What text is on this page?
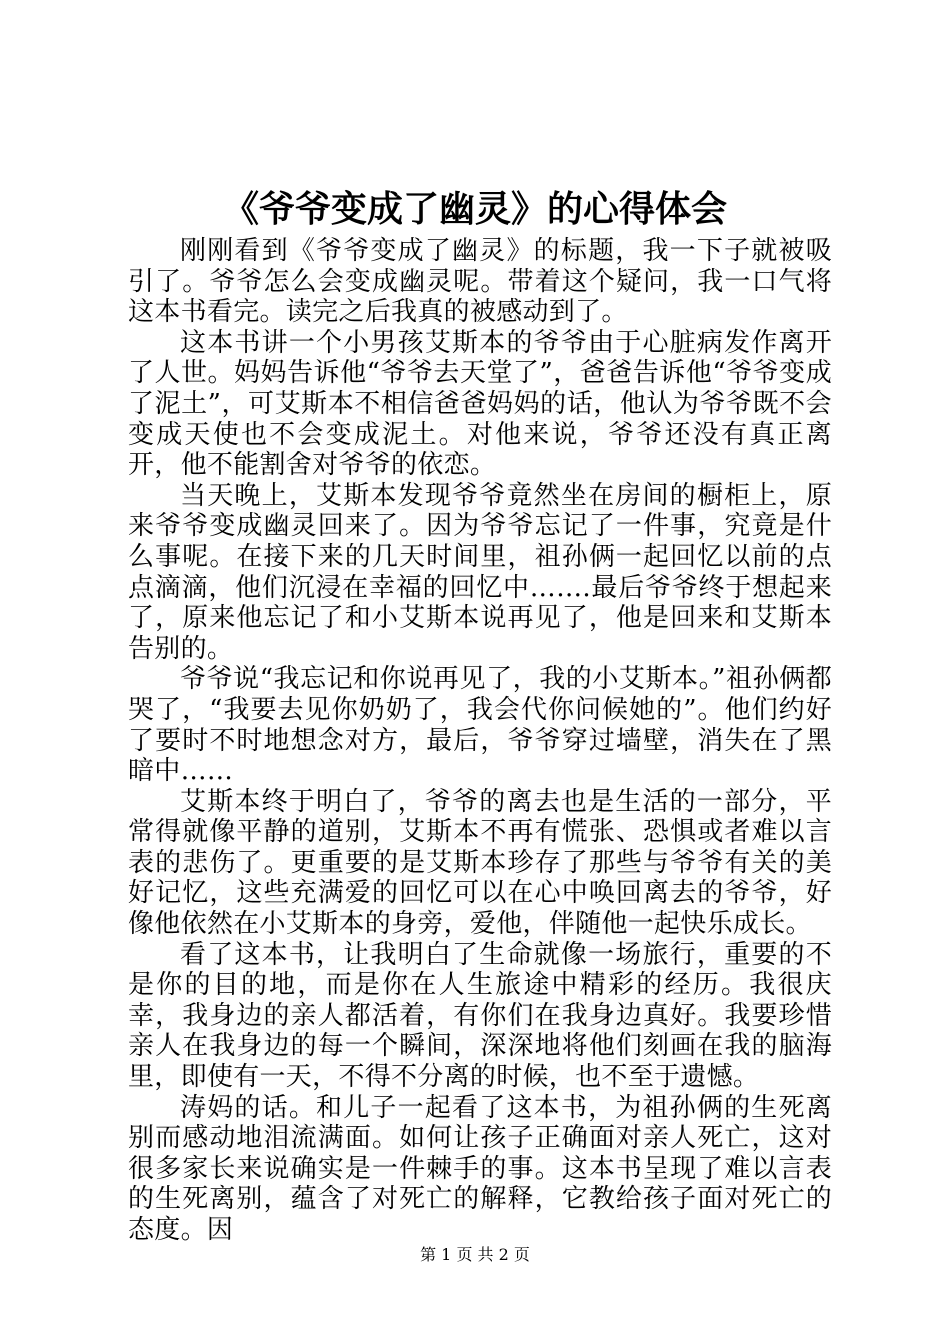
《爷爷变成了幽灵》的心得体会

刚刚看到《爷爷变成了幽灵》的标题，我一下子就被吸引了。爷爷怎么会变成幽灵呢。带着这个疑问，我一口气将这本书看完。读完之后我真的被感动到了。

这本书讲一个小男孩艾斯本的爷爷由于心脏病发作离开了人世。妈妈告诉他“爷爷去天堂了”，爸爸告诉他“爷爷变成了泥土”，可艾斯本不相信爸爸妈妈的话，他认为爷爷既不会变成天使也不会变成泥土。对他来说，爷爷还没有真正离开，他不能割舍对爷爷的依恋。

当天晚上，艾斯本发现爷爷竟然坐在房间的橱柜上，原来爷爷变成幽灵回来了。因为爷爷忘记了一件事，究竟是什么事呢。在接下来的几天时间里，祖孙俩一起回忆以前的点点滴滴，他们沉浸在幸福的回忆中…….最后爷爷终于想起来了，原来他忘记了和小艾斯本说再见了，他是回来和艾斯本告别的。

爷爷说“我忘记和你说再见了，我的小艾斯本。”祖孙俩都哭了，“我要去见你奶奶了，我会代你问候她的”。他们约好了要时不时地想念对方，最后，爷爷穿过墙壁，消失在了黑暗中……

艾斯本终于明白了，爷爷的离去也是生活的一部分，平常得就像平静的道别，艾斯本不再有慌张、恐惧或者难以言表的悲伤了。更重要的是艾斯本珍存了那些与爷爷有关的美好记忆，这些充满爱的回忆可以在心中唤回离去的爷爷，好像他依然在小艾斯本的身旁，爱他，伴随他一起快乐成长。

看了这本书，让我明白了生命就像一场旅行，重要的不是你的目的地，而是你在人生旅途中精彩的经历。我很庆幸，我身边的亲人都活着，有你们在我身边真好。我要珍惜亲人在我身边的每一个瞬间，深深地将他们刻画在我的脑海里，即使有一天，不得不分离的时候，也不至于遗憾。

涛妈的话。和儿子一起看了这本书，为祖孙俩的生死离别而感动地泪流满面。如何让孩子正确面对亲人死亡，这对很多家长来说确实是一件棘手的事。这本书呈现了难以言表的生死离别，蕴含了对死亡的解释，它教给孩子面对死亡的态度。因

第 1 页 共 2 页
